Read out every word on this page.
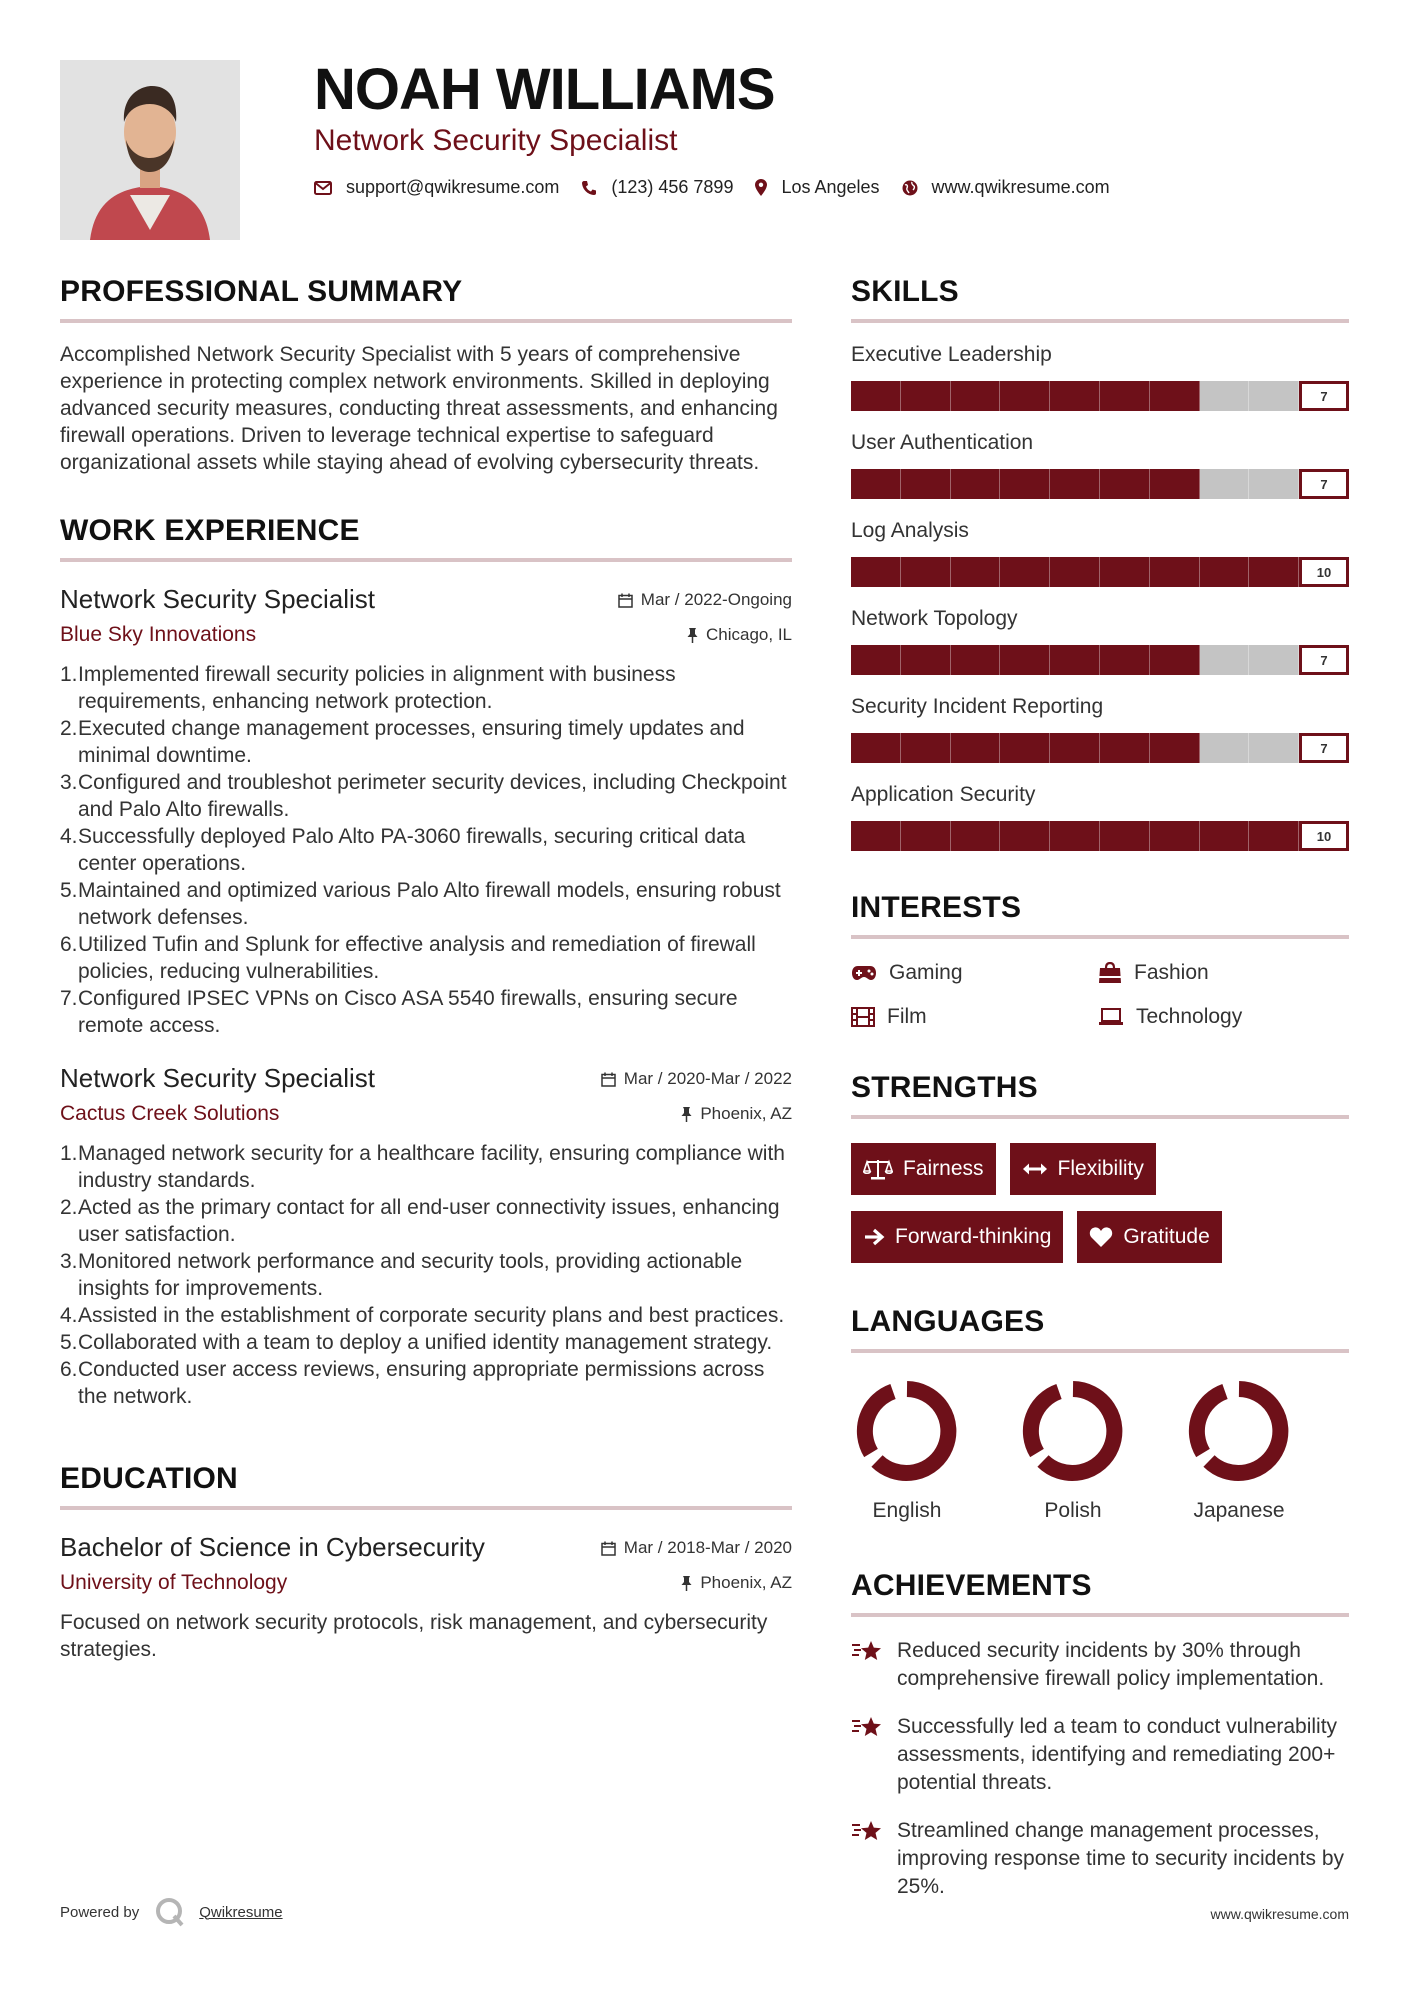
NOAH WILLIAMS
Network Security Specialist
support@qwikresume.com	(123) 456 7899	Los Angeles	www.qwikresume.com
PROFESSIONAL SUMMARY
Accomplished Network Security Specialist with 5 years of comprehensive experience in protecting complex network environments. Skilled in deploying advanced security measures, conducting threat assessments, and enhancing firewall operations. Driven to leverage technical expertise to safeguard organizational assets while staying ahead of evolving cybersecurity threats.
WORK EXPERIENCE
Network Security Specialist
Blue Sky Innovations
Mar / 2022-Ongoing
Chicago, IL
1. Implemented firewall security policies in alignment with business requirements, enhancing network protection.
2. Executed change management processes, ensuring timely updates and minimal downtime.
3. Configured and troubleshot perimeter security devices, including Checkpoint and Palo Alto firewalls.
4. Successfully deployed Palo Alto PA-3060 firewalls, securing critical data center operations.
5. Maintained and optimized various Palo Alto firewall models, ensuring robust network defenses.
6. Utilized Tufin and Splunk for effective analysis and remediation of firewall policies, reducing vulnerabilities.
7. Configured IPSEC VPNs on Cisco ASA 5540 firewalls, ensuring secure remote access.
Network Security Specialist
Cactus Creek Solutions
Mar / 2020-Mar / 2022
Phoenix, AZ
1. Managed network security for a healthcare facility, ensuring compliance with industry standards.
2. Acted as the primary contact for all end-user connectivity issues, enhancing user satisfaction.
3. Monitored network performance and security tools, providing actionable insights for improvements.
4. Assisted in the establishment of corporate security plans and best practices.
5. Collaborated with a team to deploy a unified identity management strategy.
6. Conducted user access reviews, ensuring appropriate permissions across the network.
EDUCATION
Bachelor of Science in Cybersecurity
University of Technology
Mar / 2018-Mar / 2020
Phoenix, AZ
Focused on network security protocols, risk management, and cybersecurity strategies.
SKILLS
Executive Leadership
7
User Authentication
7
Log Analysis
10
Network Topology
7
Security Incident Reporting
7
Application Security
10
INTERESTS
Gaming	Fashion
Film	Technology
STRENGTHS
Fairness	Flexibility
Forward-thinking	Gratitude
LANGUAGES
English	Polish	Japanese
ACHIEVEMENTS
Reduced security incidents by 30% through comprehensive firewall policy implementation.
Successfully led a team to conduct vulnerability assessments, identifying and remediating 200+ potential threats.
Streamlined change management processes, improving response time to security incidents by 25%.
Powered by	Qwikresume	www.qwikresume.com
